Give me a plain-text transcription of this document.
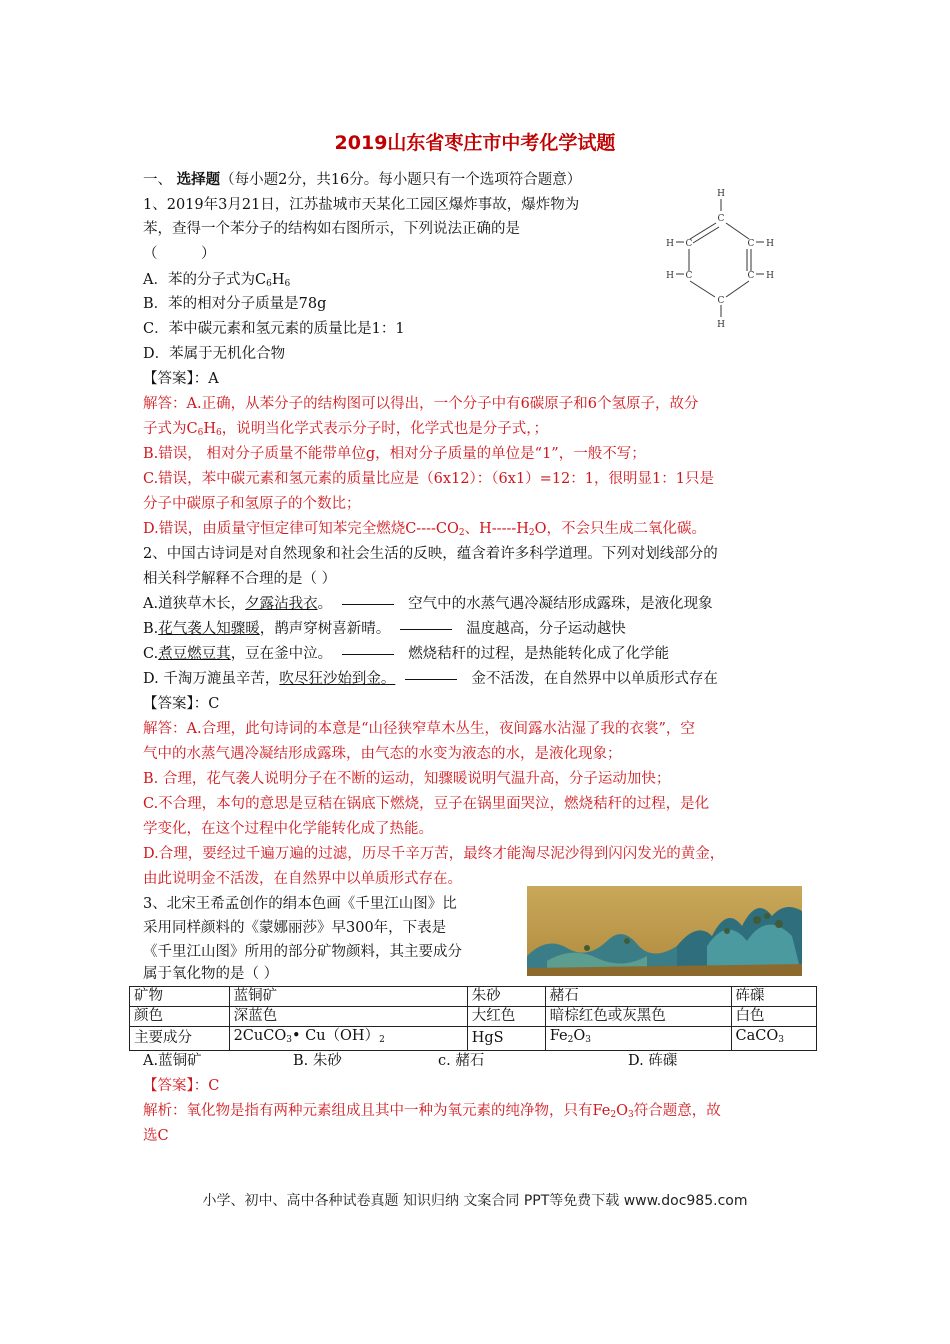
2019山东省枣庄市中考化学试题
一、 选择题（每小题2分，共16分。每小题只有一个选项符合题意）
1、2019年3月21日，江苏盐城市天某化工园区爆炸事故，爆炸物为
苯，查得一个苯分子的结构如右图所示，下列说法正确的是
（　　　）
A．苯的分子式为$C_6H_6$
B．苯的相对分子质量是78g
C．苯中碳元素和氢元素的质量比是1：1
D．苯属于无机化合物
H
C
C	C
C	C
C
H
H
H
H
H
【答案】：A
解答：A.正确，从苯分子的结构图可以得出，一个分子中有6碳原子和6个氢原子，故分
子式为$C_6H_6$，说明当化学式表示分子时，化学式也是分子式，；
B.错误， 相对分子质量不能带单位g，相对分子质量的单位是“1”，一般不写；
C.错误，苯中碳元素和氢元素的质量比应是（6x12）：（6x1）=12：1，很明显1：1只是
分子中碳原子和氢原子的个数比；
D.错误，由质量守恒定律可知苯完全燃烧$C----CO_2$、$H-----H_2O$，不会只生成二氧化碳。
2、中国古诗词是对自然现象和社会生活的反映，蕴含着许多科学道理。下列对划线部分的
相关科学解释不合理的是（ ）
A.道狭草木长，夕露沾我衣。	空气中的水蒸气遇冷凝结形成露珠，是液化现象
B.花气袭人知骤暖，鹊声穿树喜新晴。	温度越高，分子运动越快
C.煮豆燃豆萁，豆在釜中泣。	燃烧秸秆的过程，是热能转化成了化学能
D. 千淘万漉虽辛苦，吹尽狂沙始到金。	金不活泼，在自然界中以单质形式存在
【答案】：C
解答：A.合理，此句诗词的本意是“山径狭窄草木丛生，夜间露水沾湿了我的衣裳”，空
气中的水蒸气遇冷凝结形成露珠，由气态的水变为液态的水，是液化现象；
B. 合理，花气袭人说明分子在不断的运动，知骤暖说明气温升高，分子运动加快；
C.不合理，本句的意思是豆秸在锅底下燃烧，豆子在锅里面哭泣，燃烧秸秆的过程，是化
学变化，在这个过程中化学能转化成了热能。
D.合理，要经过千遍万遍的过滤，历尽千辛万苦，最终才能淘尽泥沙得到闪闪发光的黄金，
由此说明金不活泼，在自然界中以单质形式存在。
3、北宋王希孟创作的绢本色画《千里江山图》比
采用同样颜料的《蒙娜丽莎》早300年，下表是
《千里江山图》所用的部分矿物颜料，其主要成分
属于氧化物的是（ ）
矿物	蓝铜矿	朱砂	赭石	砗磲
颜色	深蓝色	大红色	暗棕红色或灰黑色	白色
主要成分	2CuCO$_3$• $Cu(OH)_2$	HgS	$Fe_2O_3$	CaCO$_3$
A.蓝铜矿	B. 朱砂	c. 赭石	D. 砗磲
【答案】：C
解析：氧化物是指有两种元素组成且其中一种为氧元素的纯净物，只有$Fe_2O_3$符合题意，故
选C
小学、初中、高中各种试卷真题 知识归纳 文案合同 PPT等免费下载 www.doc985.com
